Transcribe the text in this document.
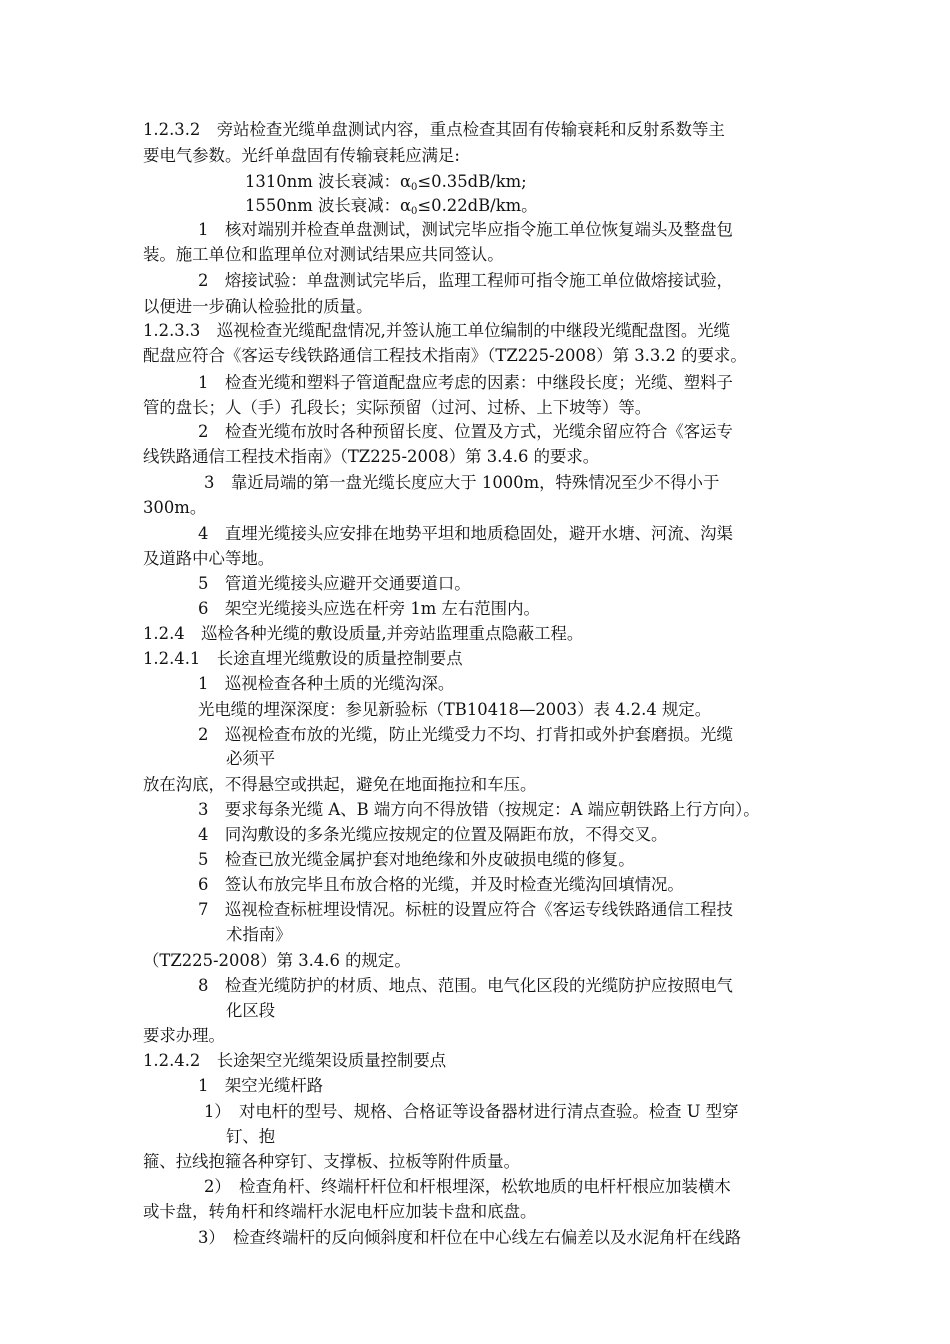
1.2.3.2　旁站检查光缆单盘测试内容，重点检查其固有传输衰耗和反射系数等主
要电气参数。光纤单盘固有传输衰耗应满足:
1310nm 波长衰减：$\alpha_0\le 0.35dB/km$;
1550nm 波长衰减：$\alpha_0\le 0.22dB/km$。
1　核对端别并检查单盘测试，测试完毕应指令施工单位恢复端头及整盘包
装。施工单位和监理单位对测试结果应共同签认。
2　熔接试验：单盘测试完毕后，监理工程师可指令施工单位做熔接试验，
以便进一步确认检验批的质量。
1.2.3.3　巡视检查光缆配盘情况,并签认施工单位编制的中继段光缆配盘图。光缆
配盘应符合《客运专线铁路通信工程技术指南》（TZ225-2008）第 3.3.2 的要求。
1　检查光缆和塑料子管道配盘应考虑的因素：中继段长度；光缆、塑料子
管的盘长；人（手）孔段长；实际预留（过河、过桥、上下坡等）等。
2　检查光缆布放时各种预留长度、位置及方式，光缆余留应符合《客运专
线铁路通信工程技术指南》（TZ225-2008）第 3.4.6 的要求。
3　靠近局端的第一盘光缆长度应大于 1000m，特殊情况至少不得小于
300m。
4　直埋光缆接头应安排在地势平坦和地质稳固处，避开水塘、河流、沟渠
及道路中心等地。
5　管道光缆接头应避开交通要道口。
6　架空光缆接头应选在杆旁 1m 左右范围内。
1.2.4　巡检各种光缆的敷设质量,并旁站监理重点隐蔽工程。
1.2.4.1　长途直埋光缆敷设的质量控制要点
1　巡视检查各种土质的光缆沟深。
光电缆的埋深深度：参见新验标（TB10418—2003）表 4.2.4 规定。
2　巡视检查布放的光缆，防止光缆受力不均、打背扣或外护套磨损。光缆
必须平
放在沟底，不得悬空或拱起，避免在地面拖拉和车压。
3　要求每条光缆 A、B 端方向不得放错（按规定：A 端应朝铁路上行方向）。
4　同沟敷设的多条光缆应按规定的位置及隔距布放，不得交叉。
5　检查已放光缆金属护套对地绝缘和外皮破损电缆的修复。
6　签认布放完毕且布放合格的光缆，并及时检查光缆沟回填情况。
7　巡视检查标桩埋设情况。标桩的设置应符合《客运专线铁路通信工程技
术指南》
（TZ225-2008）第 3.4.6 的规定。
8　检查光缆防护的材质、地点、范围。电气化区段的光缆防护应按照电气
化区段
要求办理。
1.2.4.2　长途架空光缆架设质量控制要点
1　架空光缆杆路
1）　对电杆的型号、规格、合格证等设备器材进行清点查验。检查 U 型穿
钉、抱
箍、拉线抱箍各种穿钉、支撑板、拉板等附件质量。
2）　检查角杆、终端杆杆位和杆根埋深，松软地质的电杆杆根应加装横木
或卡盘，转角杆和终端杆水泥电杆应加装卡盘和底盘。
3）　检查终端杆的反向倾斜度和杆位在中心线左右偏差以及水泥角杆在线路
